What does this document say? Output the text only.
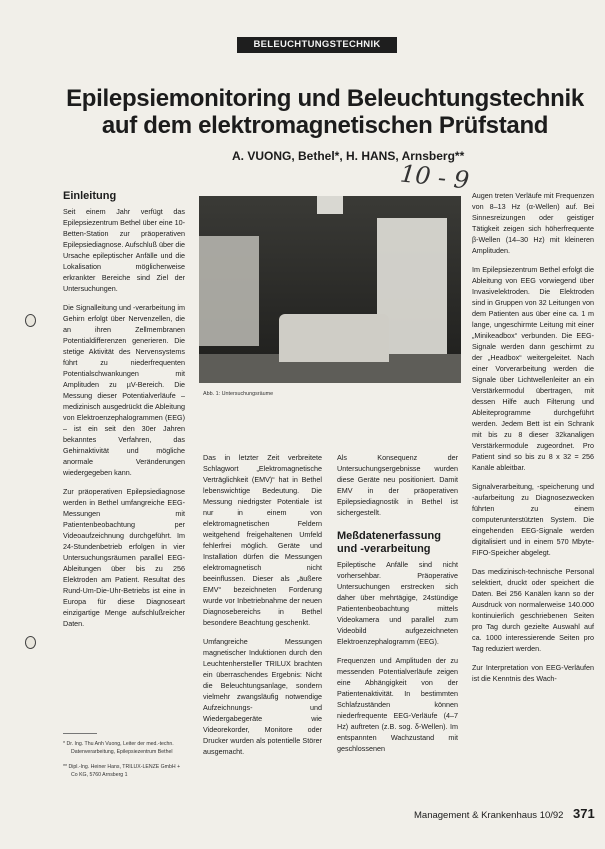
BELEUCHTUNGSTECHNIK
Epilepsiemonitoring und Beleuchtungstechnik
auf dem elektromagnetischen Prüfstand
A. VUONG, Bethel*, H. HANS, Arnsberg**
10 - 9
Einleitung

Seit einem Jahr verfügt das Epilepsiezentrum Bethel über eine 10-Betten-Station zur präoperativen Epilepsiediagnose. Aufschluß über die Ursache epileptischer Anfälle und die Lokalisation möglicherweise erkrankter Bereiche sind Ziel der Untersuchungen.

Die Signalleitung und -verarbeitung im Gehirn erfolgt über Nervenzellen, die an ihren Zellmembranen Potentialdifferenzen generieren. Die stetige Aktivität des Nervensystems führt zu niederfrequenten Potentialschwankungen mit Amplituden zu µV-Bereich. Die Messung dieser Potentialverläufe – medizinisch ausgedrückt die Ableitung von Elektroenzephalogrammen (EEG) – ist ein seit den 30er Jahren bekanntes Verfahren, das Gehirnaktivität und mögliche anormale Veränderungen wiedergegeben kann.

Zur präoperativen Epilepsiediagnose werden in Bethel umfangreiche EEG-Messungen mit Patientenbeobachtung per Videoaufzeichnung durchgeführt. Im 24-Stundenbetrieb erfolgen in vier Untersuchungsräumen parallel EEG-Ableitungen über bis zu 256 Elektroden am Patient. Resultat des Rund-Um-Die-Uhr-Betriebs ist eine in Europa für diese Diagnoseart einzigartige Menge aufschlußreicher Daten.

* Dr. Ing. Thu Anh Vuong, Leiter der med.-techn. Datenverarbeitung, Epilepsiezentrum Bethel
** Dipl.-Ing. Heiner Hans, TRILUX-LENZE GmbH + Co KG, 5760 Arnsberg 1
Abb. 1: Untersuchungsräume

Das in letzter Zeit verbreitete Schlagwort „Elektromagnetische Verträglichkeit (EMV)“ hat in Bethel lebenswichtige Bedeutung. Die Messung niedrigster Potentiale ist nur in einem von elektromagnetischen Feldern weitgehend freigehaltenen Umfeld fehlerfrei möglich. Geräte und Installation dürfen die Messungen elektromagnetisch nicht beeinflussen. Dieser als „äußere EMV“ bezeichneten Forderung wurde vor Inbetriebnahme der neuen Diagnosebereichs in Bethel besondere Beachtung geschenkt.

Umfangreiche Messungen magnetischer Induktionen durch den Leuchtenhersteller TRILUX brachten ein überraschendes Ergebnis: Nicht die Beleuchtungsanlage, sondern vielmehr zwangsläufig notwendige Aufzeichnungs- und Wiedergabegeräte wie Videorekorder, Monitore oder Drucker wurden als potentielle Störer ausgemacht.

Als Konsequenz der Untersuchungsergebnisse wurden diese Geräte neu positioniert. Damit EMV in der präoperativen Epilepsiediagnostik in Bethel ist sichergestellt.

Meßdatenerfassung und -verarbeitung

Epileptische Anfälle sind nicht vorhersehbar. Präoperative Untersuchungen erstrecken sich daher über mehrtägige, 24stündige Patientenbeobachtung mittels Videokamera und parallel zum Videobild aufgezeichneten Elektroenzephalogramm (EEG).

Frequenzen und Amplituden der zu messenden Potentialverläufe zeigen eine Abhängigkeit von der Patientenaktivität. In bestimmten Schlafzuständen können niederfrequente EEG-Verläufe (4–7 Hz) auftreten (z.B. sog. δ-Wellen). Im entspannten Wachzustand mit geschlossenen

Augen treten Verläufe mit Frequenzen von 8–13 Hz (α-Wellen) auf. Bei Sinnesreizungen oder geistiger Tätigkeit zeigen sich höherfrequente β-Wellen (14–30 Hz) mit kleineren Amplituden.

Im Epilepsiezentrum Bethel erfolgt die Ableitung von EEG vorwiegend über Invasivelektroden. Die Elektroden sind in Gruppen von 32 Leitungen von dem Patienten aus über eine ca. 1 m lange, ungeschirmte Leitung mit einer „Minikeadbox“ verbunden. Die EEG-Signale werden dann geschirmt zu der „Headbox“ weitergeleitet. Nach einer Vorverarbeitung werden die Signale über Lichtwellenleiter an ein Verstärkermodul übertragen, mit dessen Hilfe auch Filterung und Ableiteprogramme durchgeführt werden. Jedem Bett ist ein Schrank mit bis zu 8 dieser 32kanaligen Verstärkermodule zugeordnet. Pro Patient sind so bis zu 8 x 32 = 256 Kanäle ableitbar.

Signalverarbeitung, -speicherung und -aufarbeitung zu Diagnosezwecken führten zu einem computerunterstützten System. Die eingehenden EEG-Signale werden digitalisiert und in einem 570 Mbyte-FIFO-Speicher abgelegt.

Das medizinisch-technische Personal selektiert, druckt oder speichert die Daten. Bei 256 Kanälen kann so der Ausdruck von normalerweise 140.000 kontinuierlich geschriebenen Seiten pro Tag durch gezielte Auswahl auf ca. 1000 interessierende Seiten pro Tag reduziert werden.

Zur Interpretation von EEG-Verläufen ist die Kenntnis des Wach-

Management & Krankenhaus 10/92 371
